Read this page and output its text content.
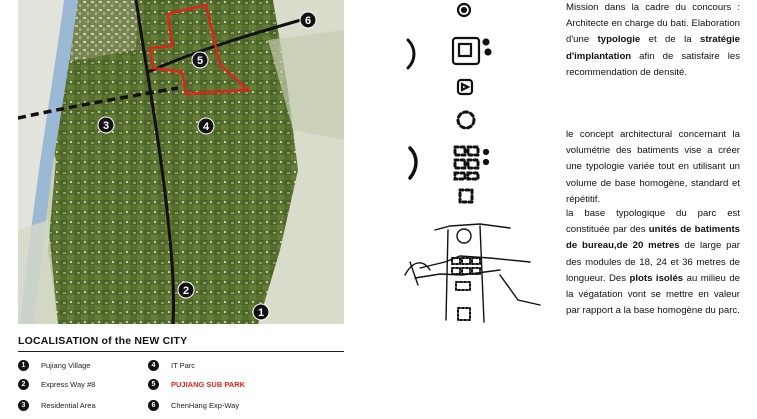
6
5
3	4
2
1
LOCALISATION of the NEW CITY
1	Pujiang Village
2	Express Way #8
3	Residential Area
4	IT Parc
5	PUJIANG SUB PARK
6	ChenHang Exp-Way
Mission dans la cadre du concours : Architecte en charge du bati. Elaboration d'une typologie et de la stratégie d'implantation afin de satisfaire les recommendation de densité.
le concept architectural concernant la volumétrie des batiments vise a créer une typologie variée tout en utilisant un volume de base homogène, standard et répétitif.
la base typologique du parc est constituée par des unités de batiments de bureau,de 20 metres de large par des modules de 18, 24 et 36 metres de longueur. Des plots isolés au milieu de la végatation vont se mettre en valeur par rapport a la base homogène du parc.
